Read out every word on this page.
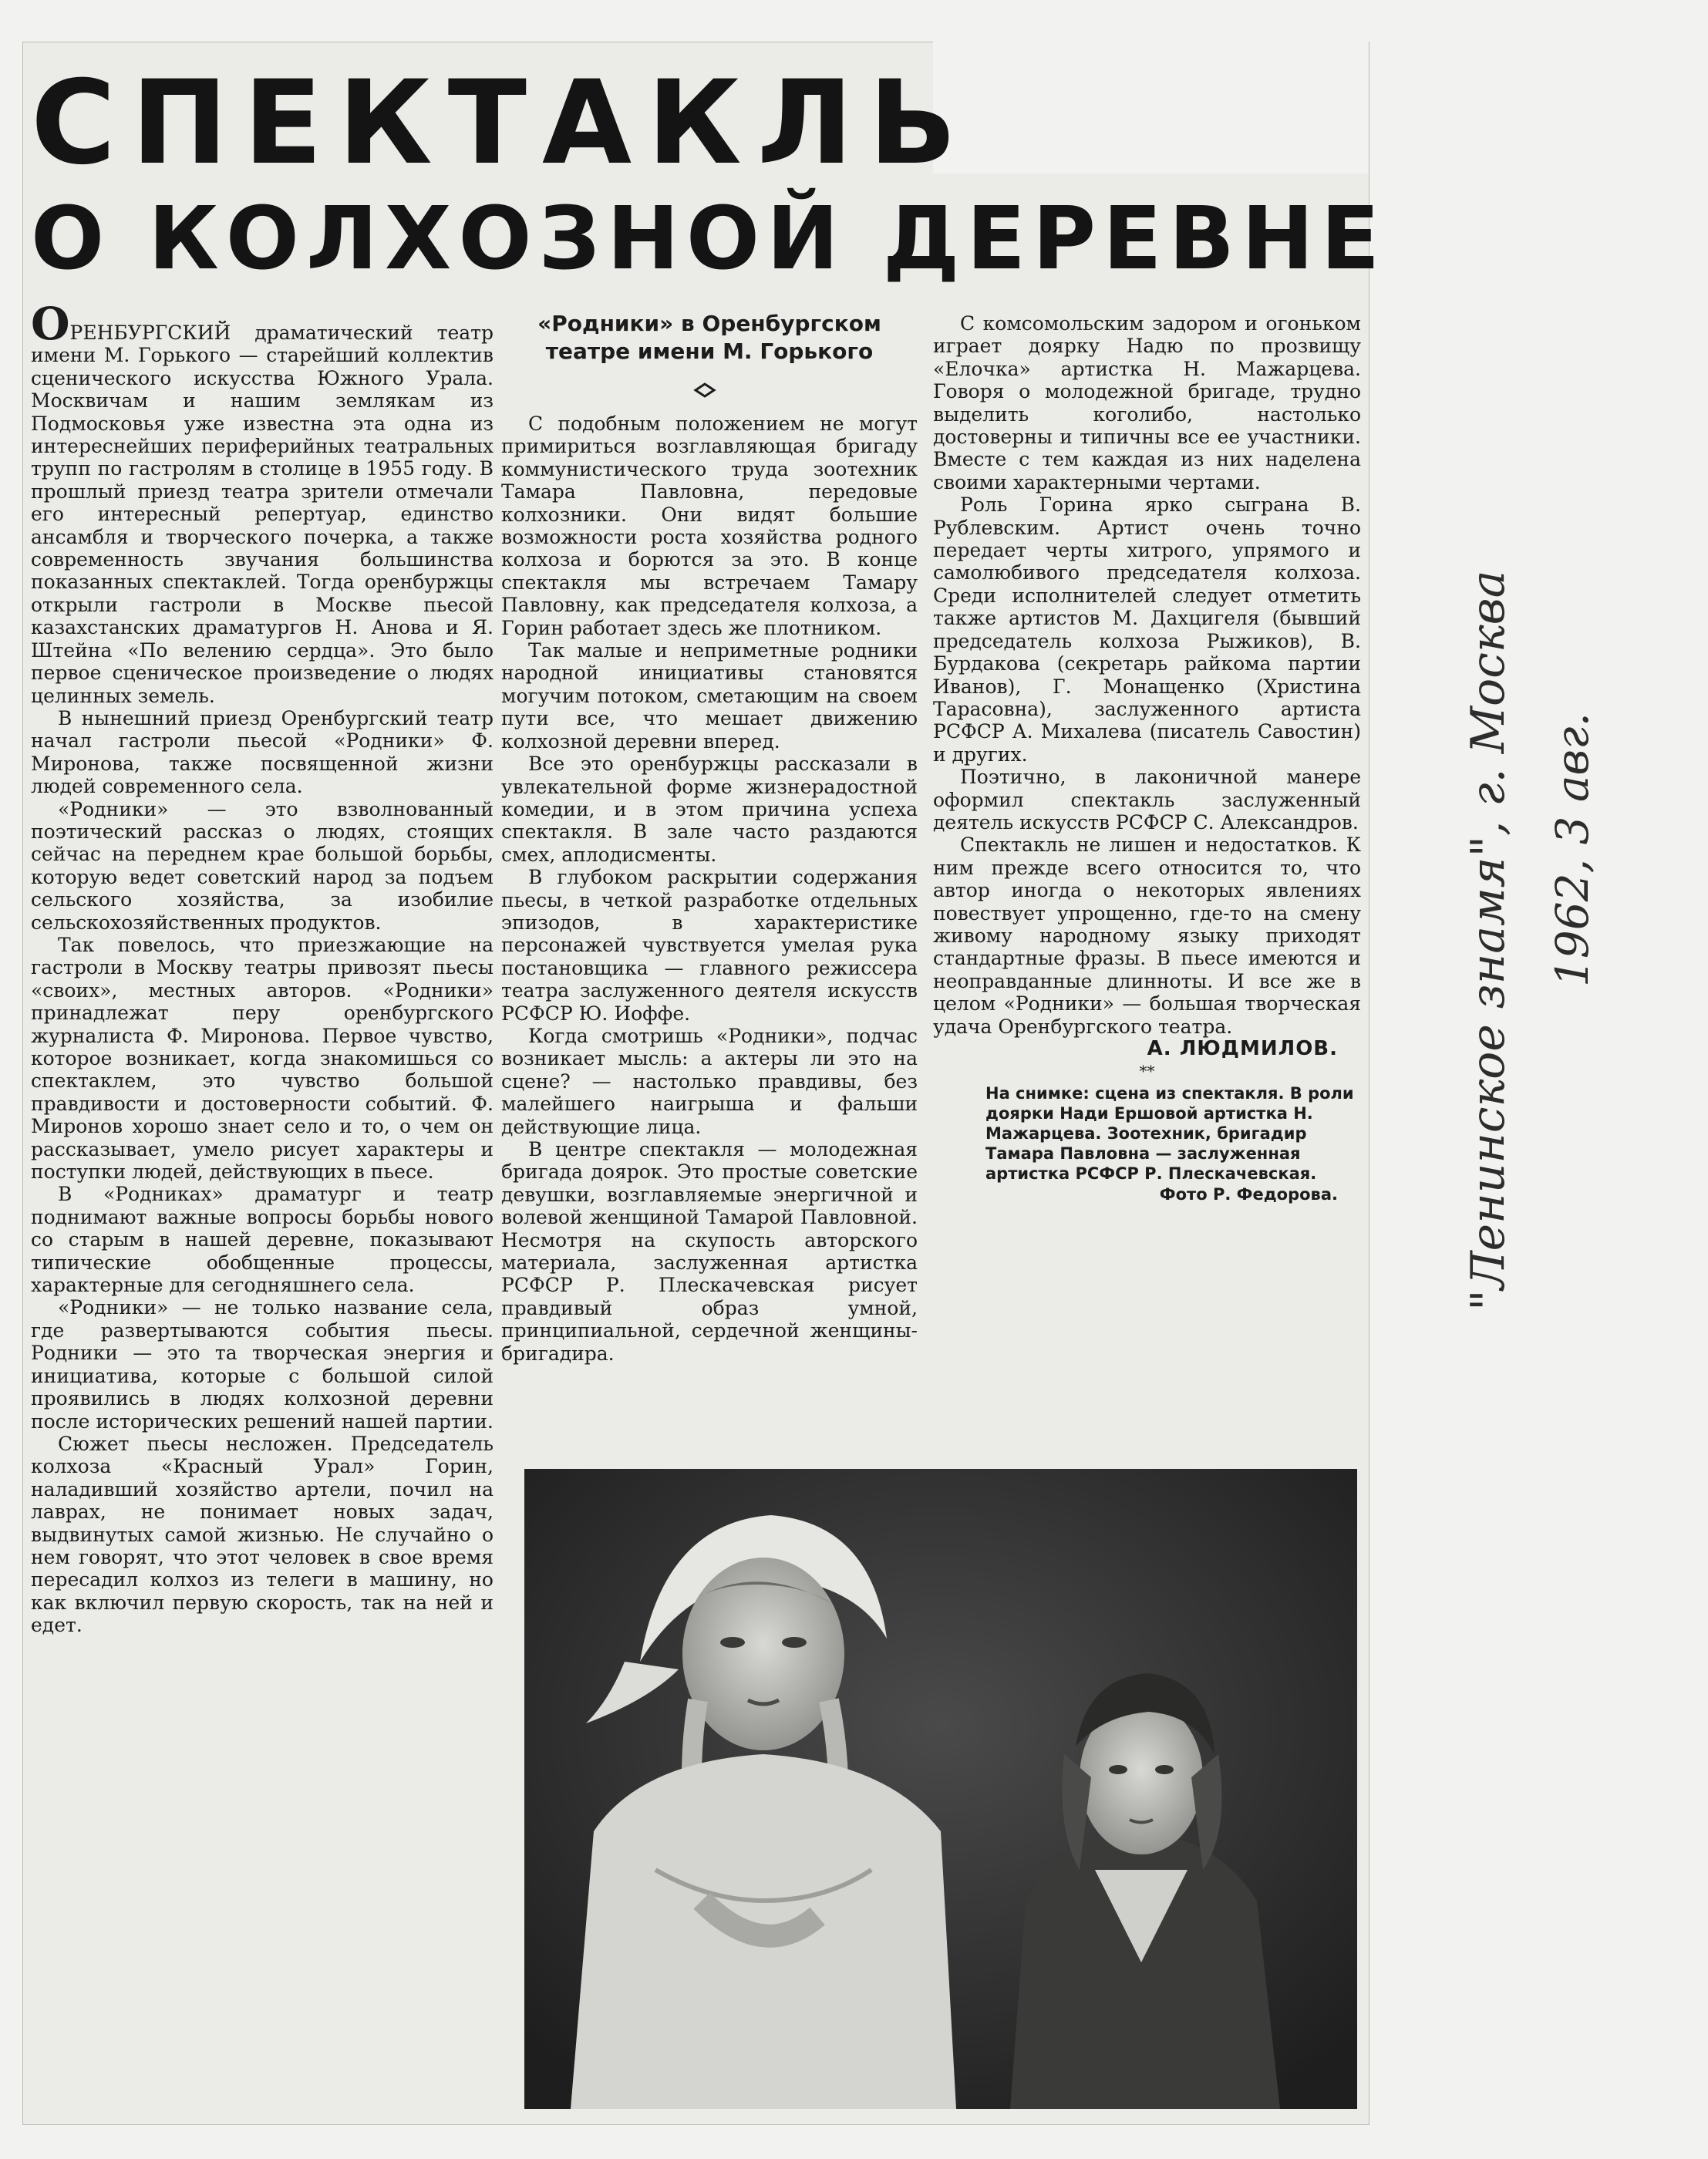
СПЕКТАКЛЬ
О КОЛХОЗНОЙ ДЕРЕВНЕ

ОРЕНБУРГСКИЙ драматический театр имени М. Горького — старейший коллектив сценического искусства Южного Урала. Москвичам и нашим землякам из Подмосковья уже известна эта одна из интереснейших периферийных театральных трупп по гастролям в столице в 1955 году. В прошлый приезд театра зрители отмечали его интересный репертуар, единство ансамбля и творческого почерка, а также современность звучания большинства показанных спектаклей. Тогда оренбуржцы открыли гастроли в Москве пьесой казахстанских драматургов Н. Анова и Я. Штейна «По велению сердца». Это было первое сценическое произведение о людях целинных земель.

В нынешний приезд Оренбургский театр начал гастроли пьесой «Родники» Ф. Миронова, также посвященной жизни людей современного села.

«Родники» — это взволнованный поэтический рассказ о людях, стоящих сейчас на переднем крае большой борьбы, которую ведет советский народ за подъем сельского хозяйства, за изобилие сельскохозяйственных продуктов.

Так повелось, что приезжающие на гастроли в Москву театры привозят пьесы «своих», местных авторов. «Родники» принадлежат перу оренбургского журналиста Ф. Миронова. Первое чувство, которое возникает, когда знакомишься со спектаклем, это чувство большой правдивости и достоверности событий. Ф. Миронов хорошо знает село и то, о чем он рассказывает, умело рисует характеры и поступки людей, действующих в пьесе.

В «Родниках» драматург и театр поднимают важные вопросы борьбы нового со старым в нашей деревне, показывают типические обобщенные процессы, характерные для сегодняшнего села.

«Родники» — не только название села, где развертываются события пьесы. Родники — это та творческая энергия и инициатива, которые с большой силой проявились в людях колхозной деревни после исторических решений нашей партии.

Сюжет пьесы несложен. Председатель колхоза «Красный Урал» Горин, наладивший хозяйство артели, почил на лаврах, не понимает новых задач, выдвинутых самой жизнью. Не случайно о нем говорят, что этот человек в свое время пересадил колхоз из телеги в машину, но как включил первую скорость, так на ней и едет.

«Родники» в Оренбургском
театре имени М. Горького

С подобным положением не могут примириться возглавляющая бригаду коммунистического труда зоотехник Тамара Павловна, передовые колхозники. Они видят большие возможности роста хозяйства родного колхоза и борются за это. В конце спектакля мы встречаем Тамару Павловну, как председателя колхоза, а Горин работает здесь же плотником.

Так малые и неприметные родники народной инициативы становятся могучим потоком, сметающим на своем пути все, что мешает движению колхозной деревни вперед.

Все это оренбуржцы рассказали в увлекательной форме жизнерадостной комедии, и в этом причина успеха спектакля. В зале часто раздаются смех, аплодисменты.

В глубоком раскрытии содержания пьесы, в четкой разработке отдельных эпизодов, в характеристике персонажей чувствуется умелая рука постановщика — главного режиссера театра заслуженного деятеля искусств РСФСР Ю. Иоффе.

Когда смотришь «Родники», подчас возникает мысль: а актеры ли это на сцене? — настолько правдивы, без малейшего наигрыша и фальши действующие лица.

В центре спектакля — молодежная бригада доярок. Это простые советские девушки, возглавляемые энергичной и волевой женщиной Тамарой Павловной. Несмотря на скупость авторского материала, заслуженная артистка РСФСР Р. Плескачевская рисует правдивый образ умной, принципиальной, сердечной женщины-бригадира.

С комсомольским задором и огоньком играет доярку Надю по прозвищу «Елочка» артистка Н. Мажарцева. Говоря о молодежной бригаде, трудно выделить коголибо, настолько достоверны и типичны все ее участники. Вместе с тем каждая из них наделена своими характерными чертами.

Роль Горина ярко сыграна В. Рублевским. Артист очень точно передает черты хитрого, упрямого и самолюбивого председателя колхоза. Среди исполнителей следует отметить также артистов М. Дахцигеля (бывший председатель колхоза Рыжиков), В. Бурдакова (секретарь райкома партии Иванов), Г. Монащенко (Христина Тарасовна), заслуженного артиста РСФСР А. Михалева (писатель Савостин) и других.

Поэтично, в лаконичной манере оформил спектакль заслуженный деятель искусств РСФСР С. Александров.

Спектакль не лишен и недостатков. К ним прежде всего относится то, что автор иногда о некоторых явлениях повествует упрощенно, где-то на смену живому народному языку приходят стандартные фразы. В пьесе имеются и неоправданные длинноты. И все же в целом «Родники» — большая творческая удача Оренбургского театра.

А. ЛЮДМИЛОВ.

**

На снимке: сцена из спектакля. В роли доярки Нади Ершовой артистка Н. Мажарцева. Зоотехник, бригадир Тамара Павловна — заслуженная артистка РСФСР Р. Плескачевская.

Фото Р. Федорова.	"Ленинское знамя", г. Москва 1962, 3 авг.
